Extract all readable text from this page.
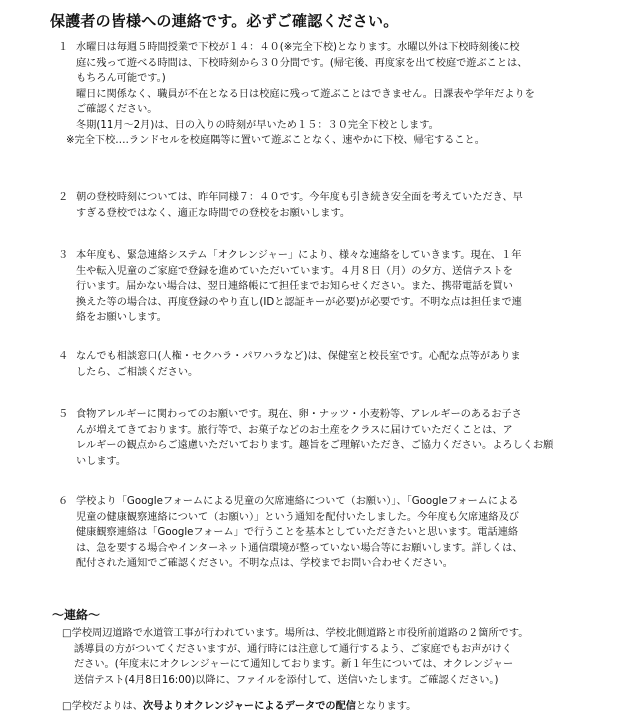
保護者の皆様への連絡です。必ずご確認ください。
１ 水曜日は毎週５時間授業で下校が１４：４０(※完全下校)となります。水曜以外は下校時刻後に校
庭に残って遊べる時間は、下校時刻から３０分間です。(帰宅後、再度家を出て校庭で遊ぶことは、
もちろん可能です。)
曜日に関係なく、職員が不在となる日は校庭に残って遊ぶことはできません。日課表や学年だよりを
ご確認ください。
冬期(11月～2月)は、日の入りの時刻が早いため１５：３０完全下校とします。
※完全下校‥‥ランドセルを校庭隅等に置いて遊ぶことなく、速やかに下校、帰宅すること。
２ 朝の登校時刻については、昨年同様７：４０です。今年度も引き続き安全面を考えていただき、早
すぎる登校ではなく、適正な時間での登校をお願いします。
３ 本年度も、緊急連絡システム「オクレンジャー」により、様々な連絡をしていきます。現在、１年
生や転入児童のご家庭で登録を進めていただいています。４月８日（月）の夕方、送信テストを
行います。届かない場合は、翌日連絡帳にて担任までお知らせください。また、携帯電話を買い
換えた等の場合は、再度登録のやり直し(IDと認証キーが必要)が必要です。不明な点は担任まで連
絡をお願いします。
４ なんでも相談窓口(人権・セクハラ・パワハラなど)は、保健室と校長室です。心配な点等がありま
したら、ご相談ください。
５ 食物アレルギーに関わってのお願いです。現在、卵・ナッツ・小麦粉等、アレルギーのあるお子さ
んが増えてきております。旅行等で、お菓子などのお土産をクラスに届けていただくことは、ア
レルギーの観点からご遠慮いただいております。趣旨をご理解いただき、ご協力ください。よろしくお願
いします。
６ 学校より「Googleフォームによる児童の欠席連絡について（お願い）」、「Googleフォームによる
児童の健康観察連絡について（お願い）」という通知を配付いたしました。今年度も欠席連絡及び
健康観察連絡は「Googleフォーム」で行うことを基本としていただきたいと思います。電話連絡
は、急を要する場合やインターネット通信環境が整っていない場合等にお願いします。詳しくは、
配付された通知でご確認ください。不明な点は、学校までお問い合わせください。
～連絡～
□学校周辺道路で水道管工事が行われています。場所は、学校北側道路と市役所前道路の２箇所です。
誘導員の方がついてくださいますが、通行時には注意して通行するよう、ご家庭でもお声がけく
ださい。(年度末にオクレンジャーにて通知しております。新１年生については、オクレンジャー
送信テスト(4月8日16:00)以降に、ファイルを添付して、送信いたします。ご確認ください。)
□学校だよりは、次号よりオクレンジャーによるデータでの配信となります。
